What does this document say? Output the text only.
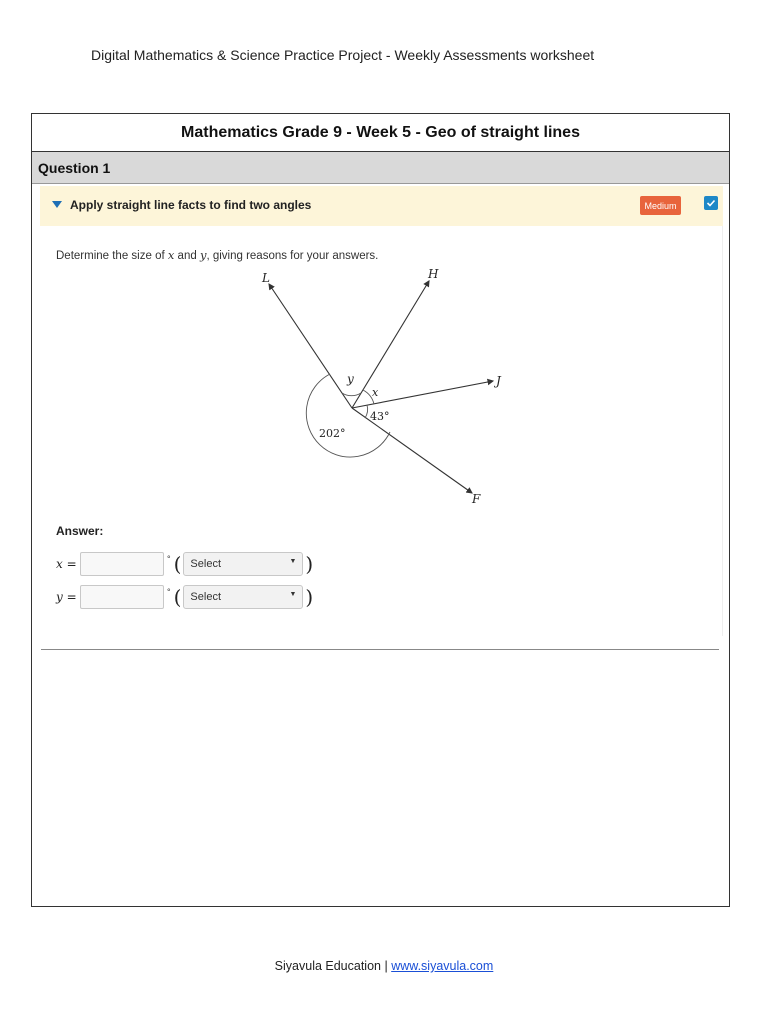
Digital Mathematics & Science Practice Project - Weekly Assessments worksheet
Mathematics Grade 9 - Week 5 - Geo of straight lines
Question 1
Apply straight line facts to find two angles	Medium
Determine the size of x and y, giving reasons for your answers.
L	H
J
F
y
x
43°
202°
Answer:
x =	° ( Select	▼ )
y =	° ( Select	▼ )
Siyavula Education | www.siyavula.com
